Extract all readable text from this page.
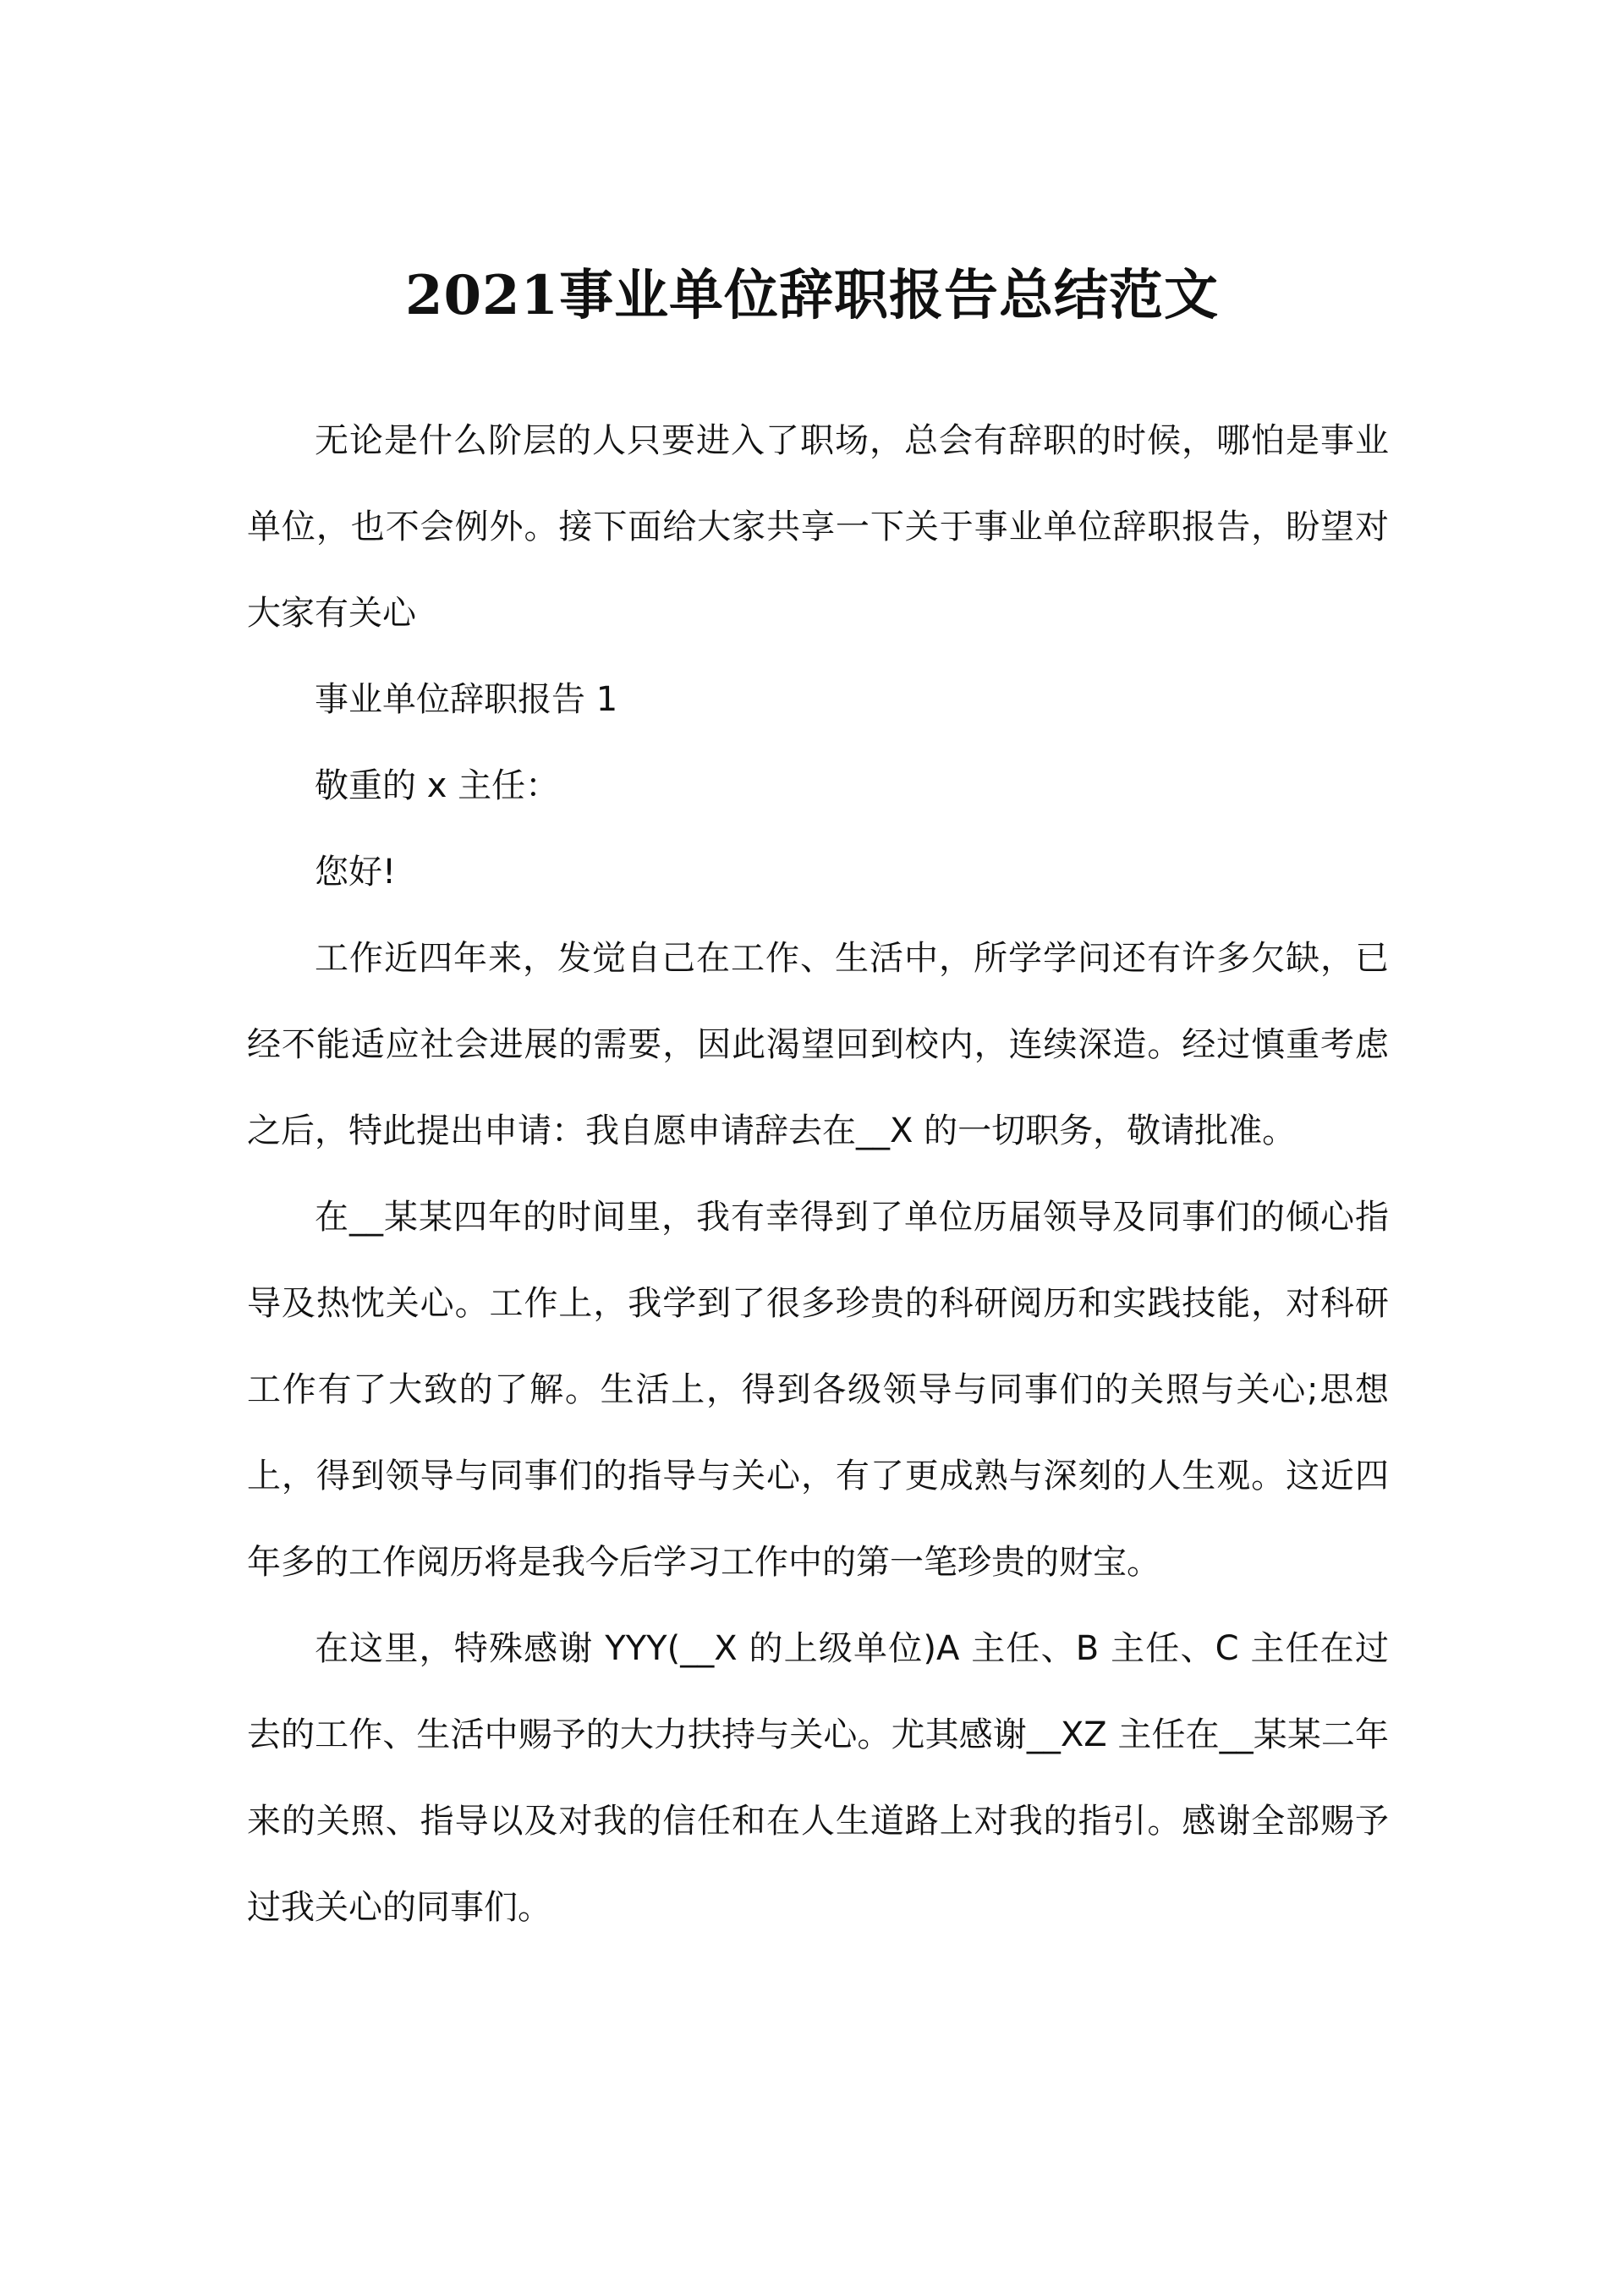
2021事业单位辞职报告总结范文

无论是什么阶层的人只要进入了职场，总会有辞职的时候，哪怕是事业单位，也不会例外。接下面给大家共享一下关于事业单位辞职报告，盼望对大家有关心

事业单位辞职报告 1

敬重的 x 主任：

您好!

工作近四年来，发觉自己在工作、生活中，所学学问还有许多欠缺，已经不能适应社会进展的需要，因此渴望回到校内，连续深造。经过慎重考虑之后，特此提出申请：我自愿申请辞去在__X 的一切职务，敬请批准。

在__某某四年的时间里，我有幸得到了单位历届领导及同事们的倾心指导及热忱关心。工作上，我学到了很多珍贵的科研阅历和实践技能，对科研工作有了大致的了解。生活上，得到各级领导与同事们的关照与关心;思想上，得到领导与同事们的指导与关心，有了更成熟与深刻的人生观。这近四年多的工作阅历将是我今后学习工作中的第一笔珍贵的财宝。

在这里，特殊感谢 YYY(__X 的上级单位)A 主任、B 主任、C 主任在过去的工作、生活中赐予的大力扶持与关心。尤其感谢__XZ 主任在__某某二年来的关照、指导以及对我的信任和在人生道路上对我的指引。感谢全部赐予过我关心的同事们。
